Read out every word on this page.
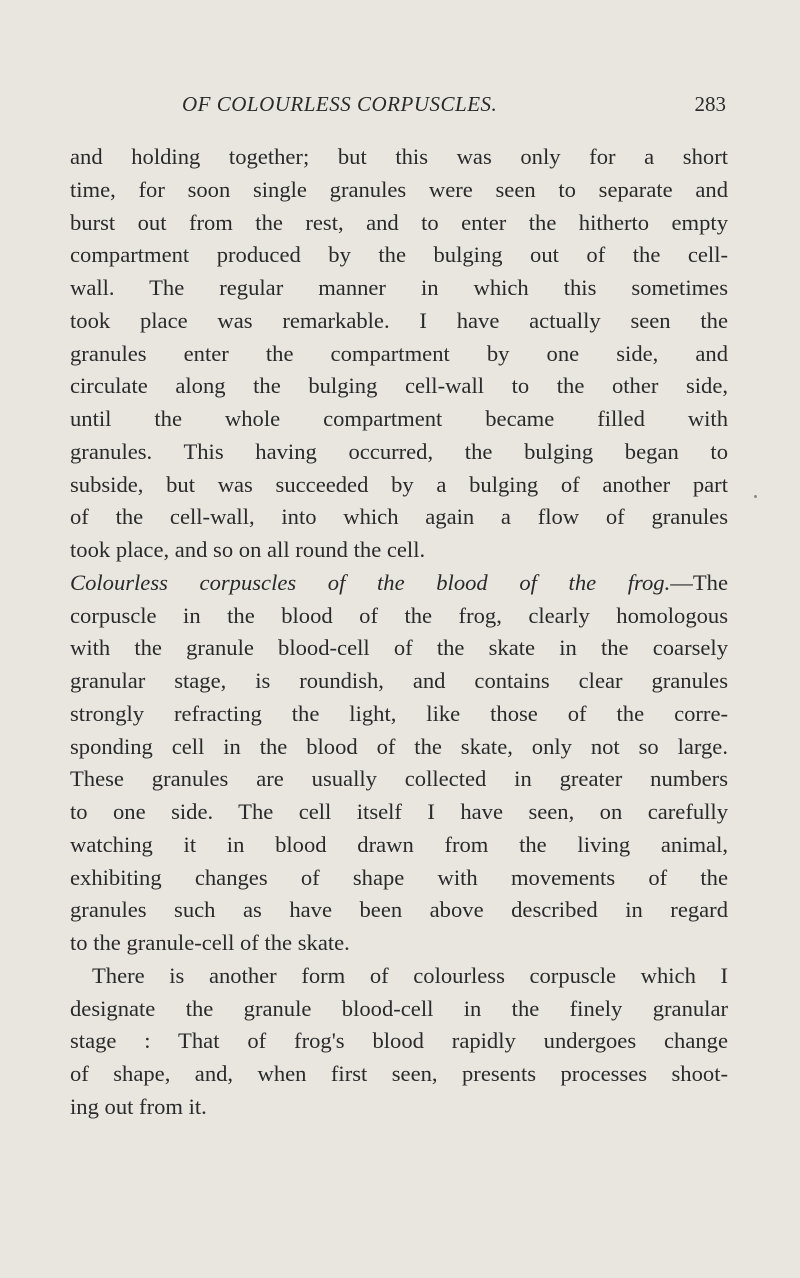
OF COLOURLESS CORPUSCLES.	283
and holding together; but this was only for a short
time, for soon single granules were seen to separate and
burst out from the rest, and to enter the hitherto empty
compartment produced by the bulging out of the cell-
wall. The regular manner in which this sometimes
took place was remarkable. I have actually seen the
granules enter the compartment by one side, and
circulate along the bulging cell-wall to the other side,
until the whole compartment became filled with
granules. This having occurred, the bulging began to
subside, but was succeeded by a bulging of another part
of the cell-wall, into which again a flow of granules
took place, and so on all round the cell.
Colourless corpuscles of the blood of the frog.—The
corpuscle in the blood of the frog, clearly homologous
with the granule blood-cell of the skate in the coarsely
granular stage, is roundish, and contains clear granules
strongly refracting the light, like those of the corre-
sponding cell in the blood of the skate, only not so large.
These granules are usually collected in greater numbers
to one side. The cell itself I have seen, on carefully
watching it in blood drawn from the living animal,
exhibiting changes of shape with movements of the
granules such as have been above described in regard
to the granule-cell of the skate.
There is another form of colourless corpuscle which I
designate the granule blood-cell in the finely granular
stage : That of frog's blood rapidly undergoes change
of shape, and, when first seen, presents processes shoot-
ing out from it.
